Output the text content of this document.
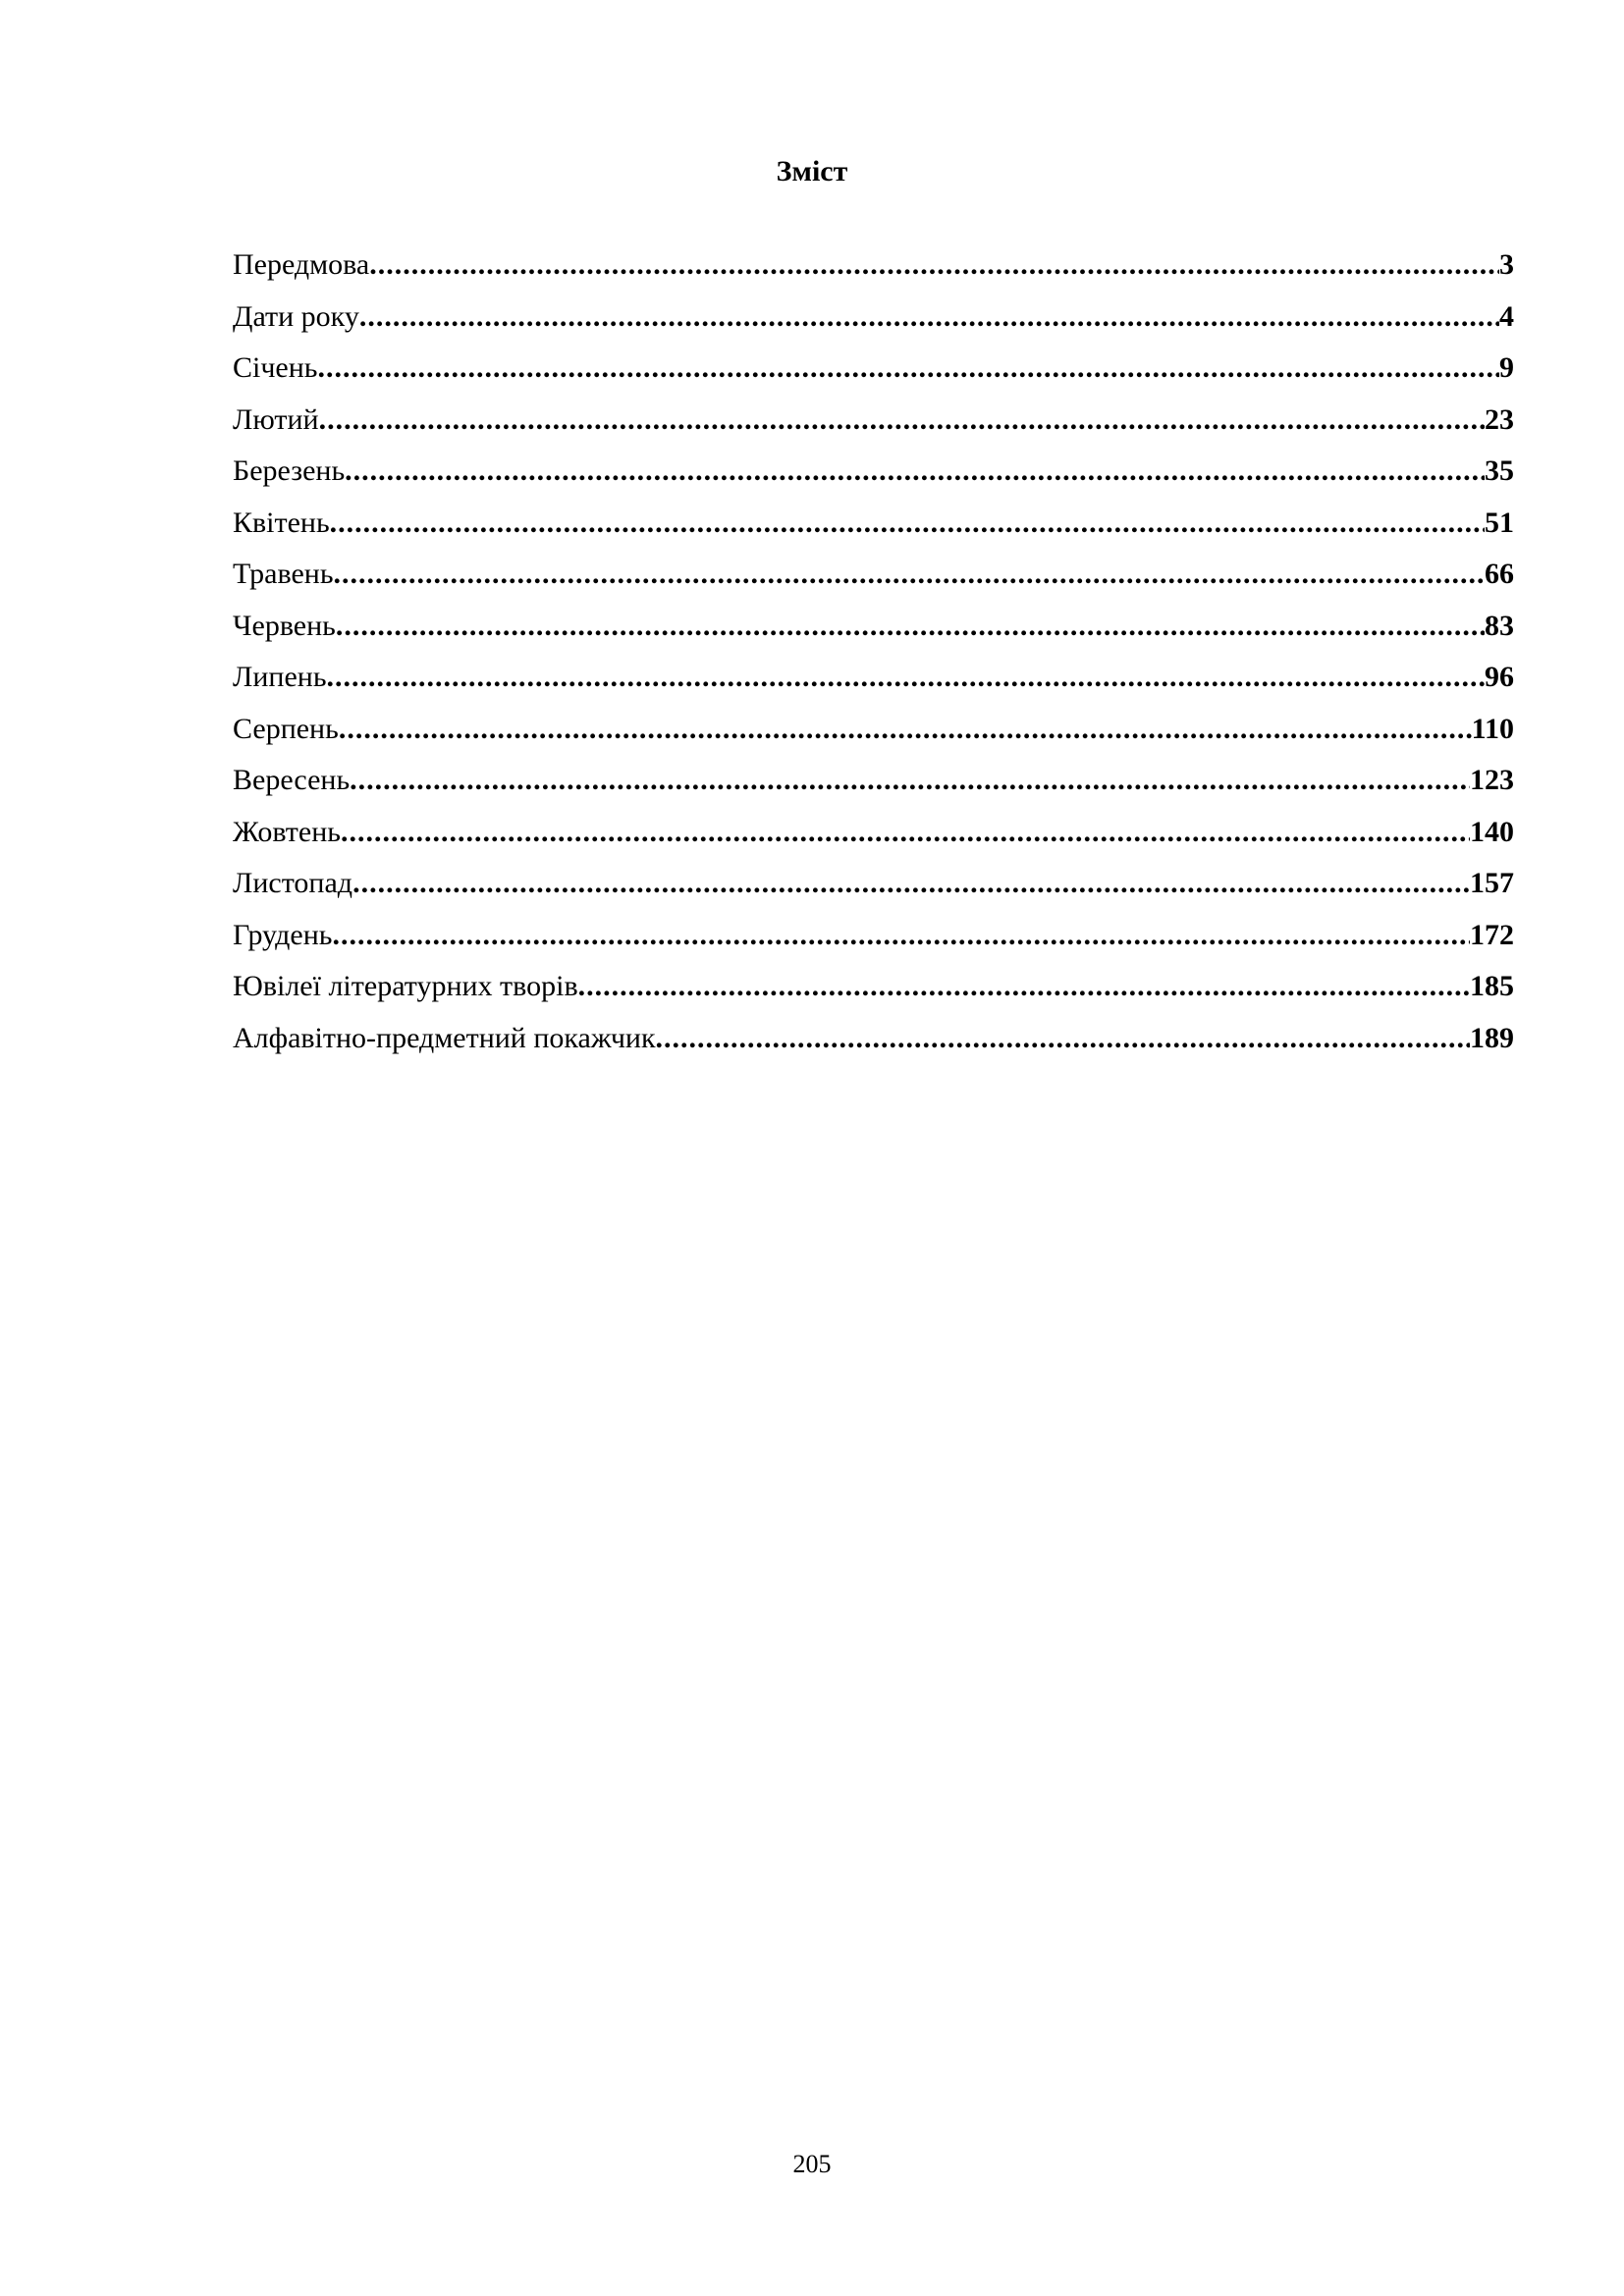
Зміст
Передмова .....	3
Дати року .....	4
Січень .....	9
Лютий .....	23
Березень .....	35
Квітень .....	51
Травень .....	66
Червень .....	83
Липень .....	96
Серпень .....	110
Вересень .....	123
Жовтень .....	140
Листопад .....	157
Грудень .....	172
Ювілеї літературних творів .....	185
Алфавітно-предметний покажчик .....	189
205
